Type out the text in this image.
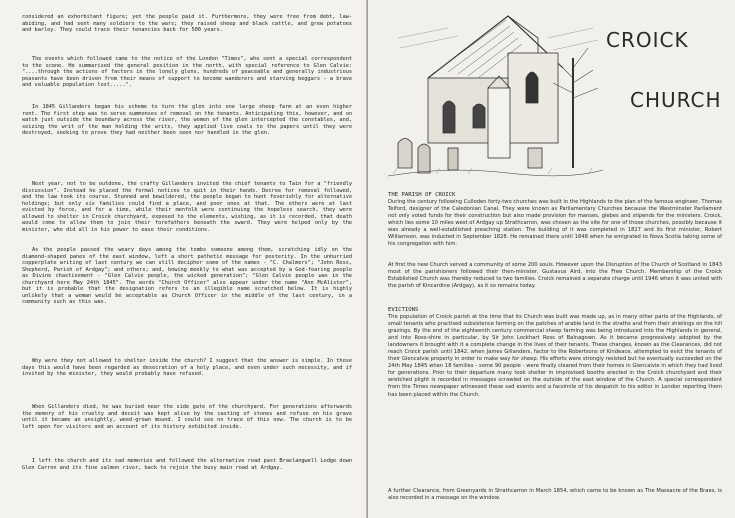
considered an exhorbitant figure; yet the people paid it. Furthermore, they were free from debt, law-abiding, and had sent many soldiers to the wars; they raised sheep and black cattle, and grew potatoes and barley. They could trace their tenancies back for 500 years.

The events which followed came to the notice of the London "Times", who sent a special correspondent to the scene. He summarised the general position in the north, with special reference to Glen Calvie: "....through the actions of factors in the lonely glens, hundreds of peaceable and generally industrious peasants have been driven from their means of support to become wanderers and starving beggars - a brave and valuable population lost.....".

In 1845 Gillanders began his scheme to turn the glen into one large sheep farm at an even higher rent. The first step was to serve summonses of removal on the tenants. Anticipating this, however, and on watch just outside the boundary across the river, the women of the glen intercepted the constables, and, seizing the writ of the man holding the writs, they applied live coals to the papers until they were destroyed, seeking to prove they had neither been seen nor handled in the glen.

Next year, not to be outdone, the crafty Gillanders invited the chief tenants to Tain for a "friendly discussion". Instead he placed the formal notices to quit in their hands. Decree for removal followed, and the law took its course. Stunned and bewildered, the people began to hunt feverishly for alternative holdings; but only six families could find a place, and poor ones at that. The others were at last evicted by force, and for a time, while their menfolk were continuing the hopeless search, they were allowed to shelter in Croick churchyard, exposed to the elements, wishing, as it is recorded, that death would come to allow them to join their forefathers beneath the sward. They were helped only by the minister, who did all in his power to ease their conditions.

As the people passed the weary days among the tombs someone among them, scratching idly on the diamond-shaped panes of the east window, left a short pathetic message for posterity. In the unhurried copperplate writing of last century we can still decipher some of the names - "C. Chalmers"; "John Ross, Shepherd, Parish of Ardgay"; and others; and, bowing meekly to what was accepted by a God-fearing people as Divine chastisement - "Glen Calvie people, the wicked generation"; "Glen Calvie people was in the churchyard here May 24th 1845". The words "Church Officer" also appear under the name "Ann McAlister", but it is probable that the designation refers to an illegible name scratched below. It is highly unlikely that a woman would be acceptable as Church Officer in the middle of the last century, in a community such as this was.

Why were they not allowed to shelter inside the church? I suggest that the answer is simple. In those days this would have been regarded as desecration of a holy place, and even under such necessity, and if invited by the minister, they would probably have refused.

When Gillanders died, he was buried near the side gate of the churchyard. For generations afterwards the memory of his cruelty and deceit was kept alive by the casting of stones and refuse on his grave until it became an unsightly, weed-grown mound. I could see no trace of this now. The church is to be left open for visitors and an account of its history exhibited inside.

I left the church and its sad memories and followed the alternative road past Braelangwell Lodge down Glen Carron and its fine salmon river, back to rejoin the busy main road at Ardgay.

CROICK
CHURCH

THE PARISH OF CROICK

During the century following Culloden forty-two churches was built in the Highlands to the plan of the famous engineer, Thomas Telford, designer of the Caledonian Canal. They were known as Parliamentary Churches because the Westminster Parliament not only voted funds for their construction but also made provision for manses, glebes and stipends for the ministers. Croick, which lies some 10 miles west of Ardgay up Strathcarron, was chosen as the site for one of those churches, possibly because it was already a well-established preaching station. The building of it was completed in 1827 and its first minister, Robert Williamson, was inducted in September 1828. He remained there until 1848 when he emigrated to Nova Scotia taking some of his congregation with him.

At first the new Church served a community of some 200 souls. However upon the Disruption of the Church of Scotland in 1843 most of the parishioners followed their then-minister, Gustavus Aird, into the Free Church. Membership of the Croick Established Church was thereby reduced to two families. Croick remained a separate charge until 1946 when it was united with the parish of Kincardine (Ardgay), as it so remains today.

EVICTIONS

The population of Croick parish at the time that its Church was built was made up, as in many other parts of the Highlands, of small tenants who practised subsistence farming on the patches of arable land in the straths and from their shielings on the hill grazings. By the end of the eighteenth century commercial sheep farming was being introduced into the Highlands in general, and into Ross-shire in particular, by Sir John Lockhart Ross of Balnagown. As it became progressively adopted by the landowners it brought with it a complete change in the lives of their tenants. These changes, known as the Clearances, did not reach Croick parish until 1842, when James Gillanders, factor to the Robertsons of Kindeace, attempted to evict the tenants of their Glencalvie property in order to make way for sheep. His efforts were strongly resisted but he eventually succeeded on the 24th May 1845 when 18 families - some 90 people - were finally cleared from their homes in Glencalvie in which they had lived for generations. Prior to their departure many took shelter in improvised booths erected in the Croick churchyard and their wretched plight is recorded in messages scrawled on the outside of the east window of the Church. A special correspondent from the Times newspaper witnessed these sad events and a facsimile of his despatch to his editor in London reporting them has been placed within the Church.

A further Clearance, from Greenyards in Strathcarron in March 1854, which came to be known as The Massacre of the Braes, is also recorded in a message on the window.
